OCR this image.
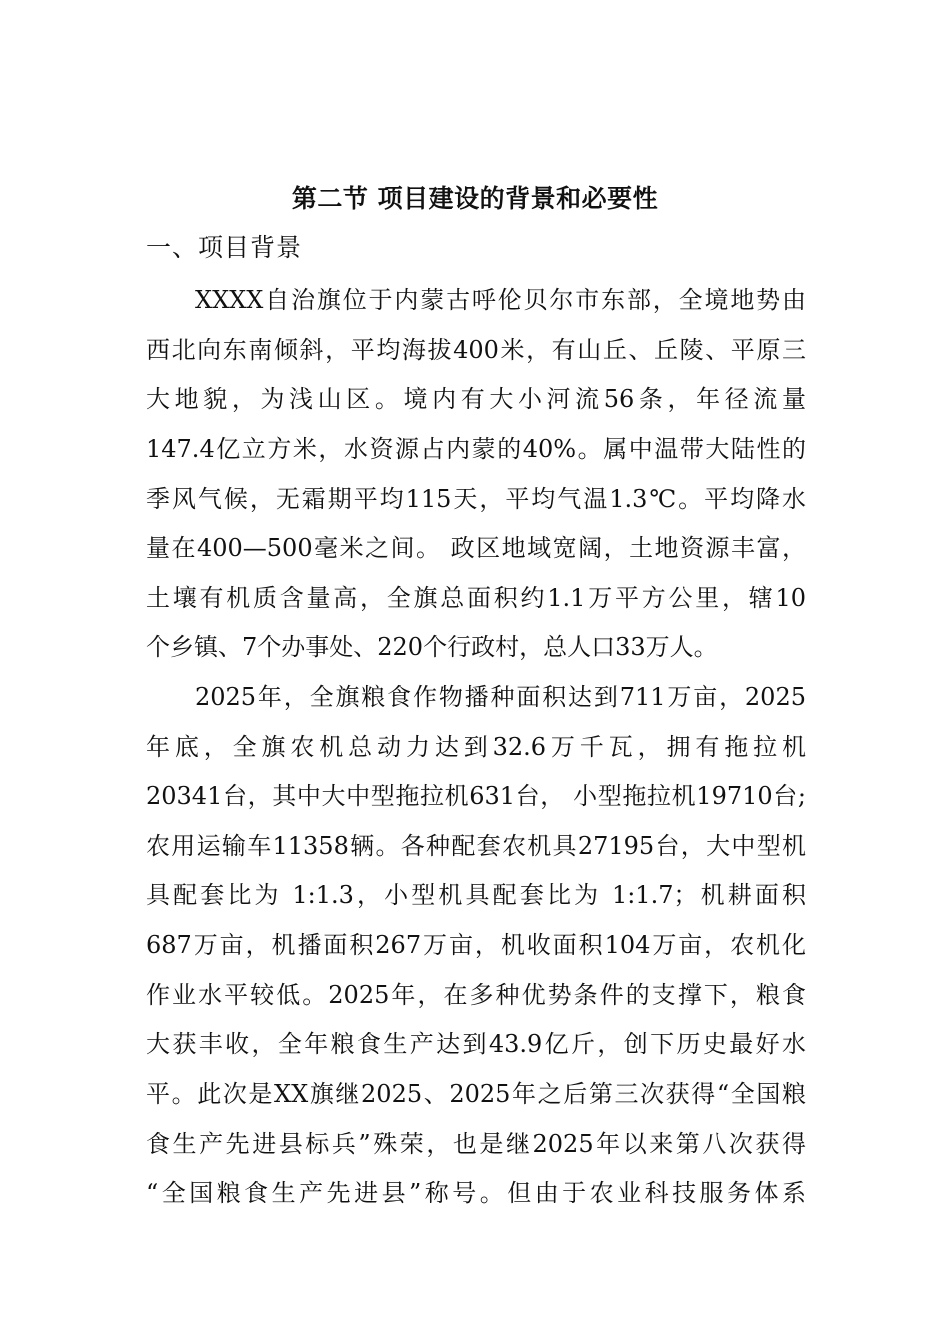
第二节 项目建设的背景和必要性
一、项目背景
XXXX自治旗位于内蒙古呼伦贝尔市东部，全境地势由
西北向东南倾斜，平均海拔400米，有山丘、丘陵、平原三
大地貌，为浅山区。境内有大小河流56条，年径流量
147.4亿立方米，水资源占内蒙的40%。属中温带大陆性的
季风气候，无霜期平均115天，平均气温1.3℃。平均降水
量在400—500毫米之间。 政区地域宽阔，土地资源丰富，
土壤有机质含量高，全旗总面积约1.1万平方公里，辖10
个乡镇、7个办事处、220个行政村，总人口33万人。
2025年，全旗粮食作物播种面积达到711万亩，2025
年底，全旗农机总动力达到32.6万千瓦，拥有拖拉机
20341台，其中大中型拖拉机631台， 小型拖拉机19710台;
农用运输车11358辆。各种配套农机具27195台，大中型机
具配套比为 1:1.3，小型机具配套比为 1:1.7；机耕面积
687万亩，机播面积267万亩，机收面积104万亩，农机化
作业水平较低。2025年，在多种优势条件的支撑下，粮食
大获丰收，全年粮食生产达到43.9亿斤，创下历史最好水
平。此次是XX旗继2025、2025年之后第三次获得“全国粮
食生产先进县标兵”殊荣，也是继2025年以来第八次获得
“全国粮食生产先进县”称号。但由于农业科技服务体系
